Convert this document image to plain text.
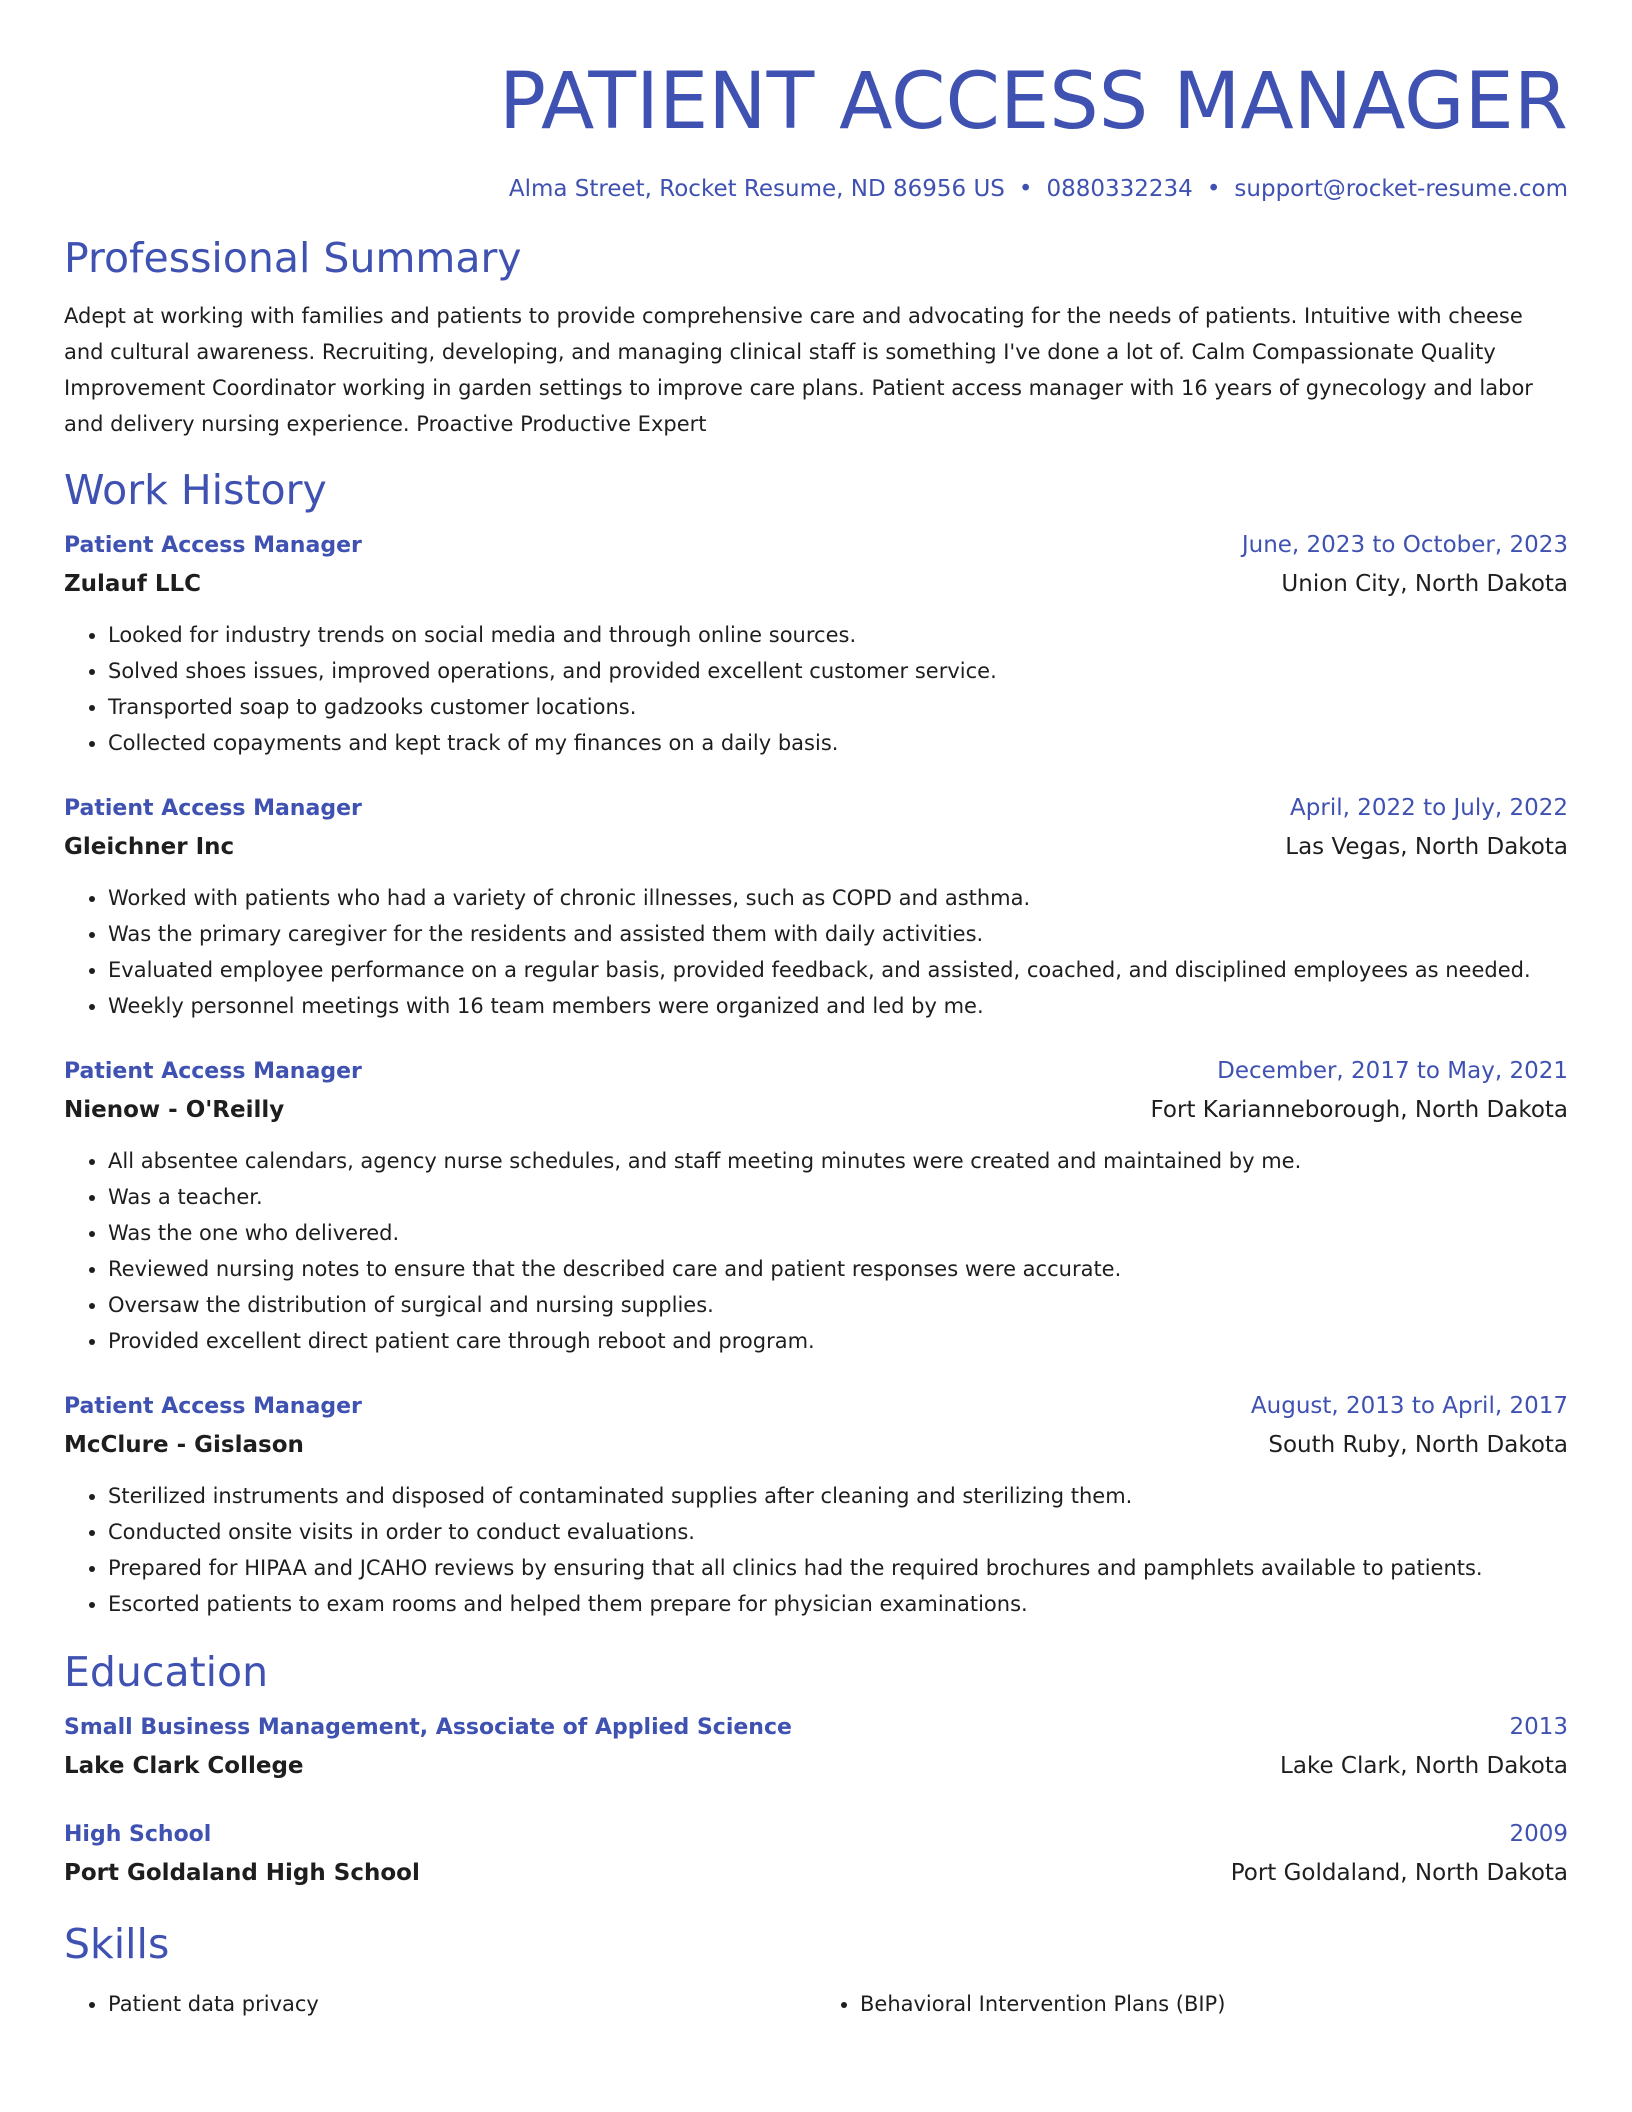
PATIENT ACCESS MANAGER
Alma Street, Rocket Resume, ND 86956 US • 0880332234 • support@rocket-resume.com
Professional Summary
Adept at working with families and patients to provide comprehensive care and advocating for the needs of patients. Intuitive with cheese and cultural awareness. Recruiting, developing, and managing clinical staff is something I've done a lot of. Calm Compassionate Quality Improvement Coordinator working in garden settings to improve care plans. Patient access manager with 16 years of gynecology and labor and delivery nursing experience. Proactive Productive Expert
Work History
Patient Access Manager	June, 2023 to October, 2023
Zulauf LLC	Union City, North Dakota
• Looked for industry trends on social media and through online sources.
• Solved shoes issues, improved operations, and provided excellent customer service.
• Transported soap to gadzooks customer locations.
• Collected copayments and kept track of my finances on a daily basis.
Patient Access Manager	April, 2022 to July, 2022
Gleichner Inc	Las Vegas, North Dakota
• Worked with patients who had a variety of chronic illnesses, such as COPD and asthma.
• Was the primary caregiver for the residents and assisted them with daily activities.
• Evaluated employee performance on a regular basis, provided feedback, and assisted, coached, and disciplined employees as needed.
• Weekly personnel meetings with 16 team members were organized and led by me.
Patient Access Manager	December, 2017 to May, 2021
Nienow - O'Reilly	Fort Karianneborough, North Dakota
• All absentee calendars, agency nurse schedules, and staff meeting minutes were created and maintained by me.
• Was a teacher.
• Was the one who delivered.
• Reviewed nursing notes to ensure that the described care and patient responses were accurate.
• Oversaw the distribution of surgical and nursing supplies.
• Provided excellent direct patient care through reboot and program.
Patient Access Manager	August, 2013 to April, 2017
McClure - Gislason	South Ruby, North Dakota
• Sterilized instruments and disposed of contaminated supplies after cleaning and sterilizing them.
• Conducted onsite visits in order to conduct evaluations.
• Prepared for HIPAA and JCAHO reviews by ensuring that all clinics had the required brochures and pamphlets available to patients.
• Escorted patients to exam rooms and helped them prepare for physician examinations.
Education
Small Business Management, Associate of Applied Science	2013
Lake Clark College	Lake Clark, North Dakota
High School	2009
Port Goldaland High School	Port Goldaland, North Dakota
Skills
• Patient data privacy
•	Behavioral Intervention Plans (BIP)
